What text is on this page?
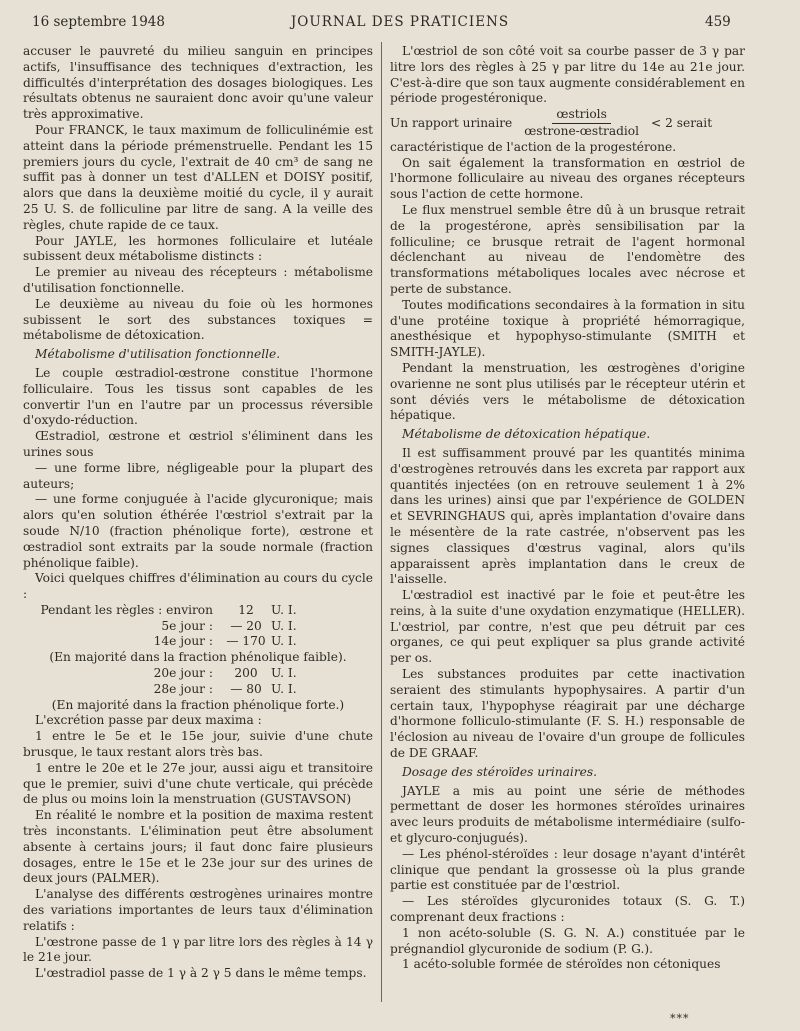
16 septembre 1948	JOURNAL DES PRATICIENS	459

accuser le pauvreté du milieu sanguin en principes actifs, l'insuffisance des techniques d'extraction, les difficultés d'interprétation des dosages biologiques. Les résultats obtenus ne sauraient donc avoir qu'une valeur très approximative.

Pour FRANCK, le taux maximum de folliculinémie est atteint dans la période prémenstruelle. Pendant les 15 premiers jours du cycle, l'extrait de 40 cm³ de sang ne suffit pas à donner un test d'ALLEN et DOISY positif, alors que dans la deuxième moitié du cycle, il y aurait 25 U. S. de folliculine par litre de sang. A la veille des règles, chute rapide de ce taux.

Pour JAYLE, les hormones folliculaire et lutéale subissent deux métabolisme distincts :

Le premier au niveau des récepteurs : métabolisme d'utilisation fonctionnelle.

Le deuxième au niveau du foie où les hormones subissent le sort des substances toxiques = métabolisme de détoxication.

Métabolisme d'utilisation fonctionnelle.

Le couple œstradiol-œstrone constitue l'hormone folliculaire. Tous les tissus sont capables de les convertir l'un en l'autre par un processus réversible d'oxydo-réduction.

Œstradiol, œstrone et œstriol s'éliminent dans les urines sous

— une forme libre, négligeable pour la plupart des auteurs;

— une forme conjuguée à l'acide glycuronique; mais alors qu'en solution éthérée l'œstriol s'extrait par la soude N/10 (fraction phénolique forte), œstrone et œstradiol sont extraits par la soude normale (fraction phénolique faible).

Voici quelques chiffres d'élimination au cours du cycle :

Pendant les règles : environ	12	U. I.
5e jour :	— 20 U. I.
14e jour :	— 170 U. I.
(En majorité dans la fraction phénolique faible).
20e jour :	200	U. I.
28e jour :	— 80 U. I.
(En majorité dans la fraction phénolique forte.)

L'excrétion passe par deux maxima :

1 entre le 5e et le 15e jour, suivie d'une chute brusque, le taux restant alors très bas.

1 entre le 20e et le 27e jour, aussi aigu et transitoire que le premier, suivi d'une chute verticale, qui précède de plus ou moins loin la menstruation (GUSTAVSON)

En réalité le nombre et la position de maxima restent très inconstants. L'élimination peut être absolument absente à certains jours; il faut donc faire plusieurs dosages, entre le 15e et le 23e jour sur des urines de deux jours (PALMER).

L'analyse des différents œstrogènes urinaires montre des variations importantes de leurs taux d'élimination relatifs :

L'œstrone passe de 1 γ par litre lors des règles à 14 γ le 21e jour.

L'œstradiol passe de 1 γ à 2 γ 5 dans le même temps.

L'œstriol de son côté voit sa courbe passer de 3 γ par litre lors des règles à 25 γ par litre du 14e au 21e jour. C'est-à-dire que son taux augmente considérablement en période progestéronique.

Un rapport urinaire $\frac{\text{œstriols}}{\text{œstrone-œstradiol}} < 2$ serait

caractéristique de l'action de la progestérone.

On sait également la transformation en œstriol de l'hormone folliculaire au niveau des organes récepteurs sous l'action de cette hormone.

Le flux menstruel semble être dû à un brusque retrait de la progestérone, après sensibilisation par la folliculine; ce brusque retrait de l'agent hormonal déclenchant au niveau de l'endomètre des transformations métaboliques locales avec nécrose et perte de substance.

Toutes modifications secondaires à la formation in situ d'une protéine toxique à propriété hémorragique, anesthésique et hypophyso-stimulante (SMITH et SMITH-JAYLE).

Pendant la menstruation, les œstrogènes d'origine ovarienne ne sont plus utilisés par le récepteur utérin et sont déviés vers le métabolisme de détoxication hépatique.

Métabolisme de détoxication hépatique.

Il est suffisamment prouvé par les quantités minima d'œstrogènes retrouvés dans les excreta par rapport aux quantités injectées (on en retrouve seulement 1 à 2% dans les urines) ainsi que par l'expérience de GOLDEN et SEVRINGHAUS qui, après implantation d'ovaire dans le mésentère de la rate castrée, n'observent pas les signes classiques d'œstrus vaginal, alors qu'ils apparaissent après implantation dans le creux de l'aisselle.

L'œstradiol est inactivé par le foie et peut-être les reins, à la suite d'une oxydation enzymatique (HELLER). L'œstriol, par contre, n'est que peu détruit par ces organes, ce qui peut expliquer sa plus grande activité per os.

Les substances produites par cette inactivation seraient des stimulants hypophysaires. A partir d'un certain taux, l'hypophyse réagirait par une décharge d'hormone folliculo-stimulante (F. S. H.) responsable de l'éclosion au niveau de l'ovaire d'un groupe de follicules de DE GRAAF.

Dosage des stéroïdes urinaires.

JAYLE a mis au point une série de méthodes permettant de doser les hormones stéroïdes urinaires avec leurs produits de métabolisme intermédiaire (sulfo- et glycuro-conjugués).

— Les phénol-stéroïdes : leur dosage n'ayant d'intérêt clinique que pendant la grossesse où la plus grande partie est constituée par de l'œstriol.

— Les stéroïdes glycuronides totaux (S. G. T.) comprenant deux fractions :

1 non acéto-soluble (S. G. N. A.) constituée par le prégnandiol glycuronide de sodium (P. G.).

1 acéto-soluble formée de stéroïdes non cétoniques

***
